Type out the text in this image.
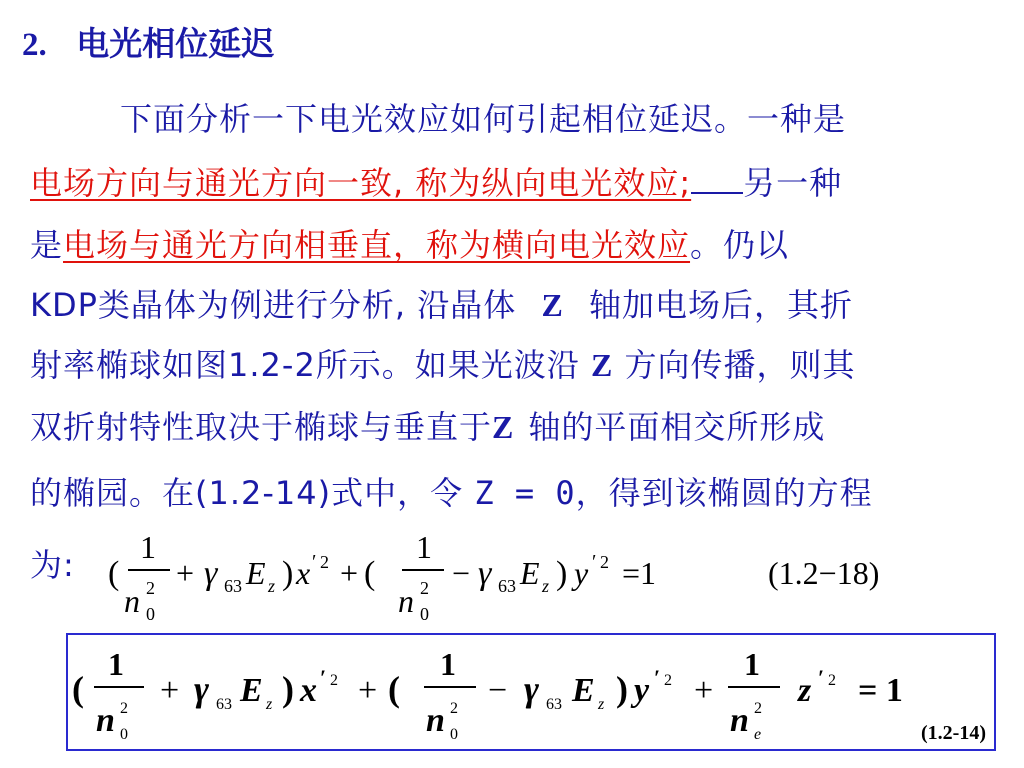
2. 电光相位延迟
下面分析一下电光效应如何引起相位延迟。一种是
电场方向与通光方向一致, 称为纵向电光效应; 另一种
是电场与通光方向相垂直，称为横向电光效应。仍以
KDP类晶体为例进行分析, 沿晶体 Z 轴加电场后，其折
射率椭球如图1.2-2所示。如果光波沿 Z 方向传播，则其
双折射特性取决于椭球与垂直于Z 轴的平面相交所形成
的椭园。在(1.2-14)式中，令 Z = 0，得到该椭圆的方程
为: (
1
n 2
0
+ γ 63 E z ) x ′ 2 + (
1
n 2
0
− γ 63 E z ) y ′ 2 =1	(1.2−18)
(
1
n 2
0
+ γ 63 E z ) x ′ 2 + (
1
n 2
0
− γ 63 E z ) y ′ 2 +
1
n 2
e
z ′ 2 = 1
(1.2-14)
